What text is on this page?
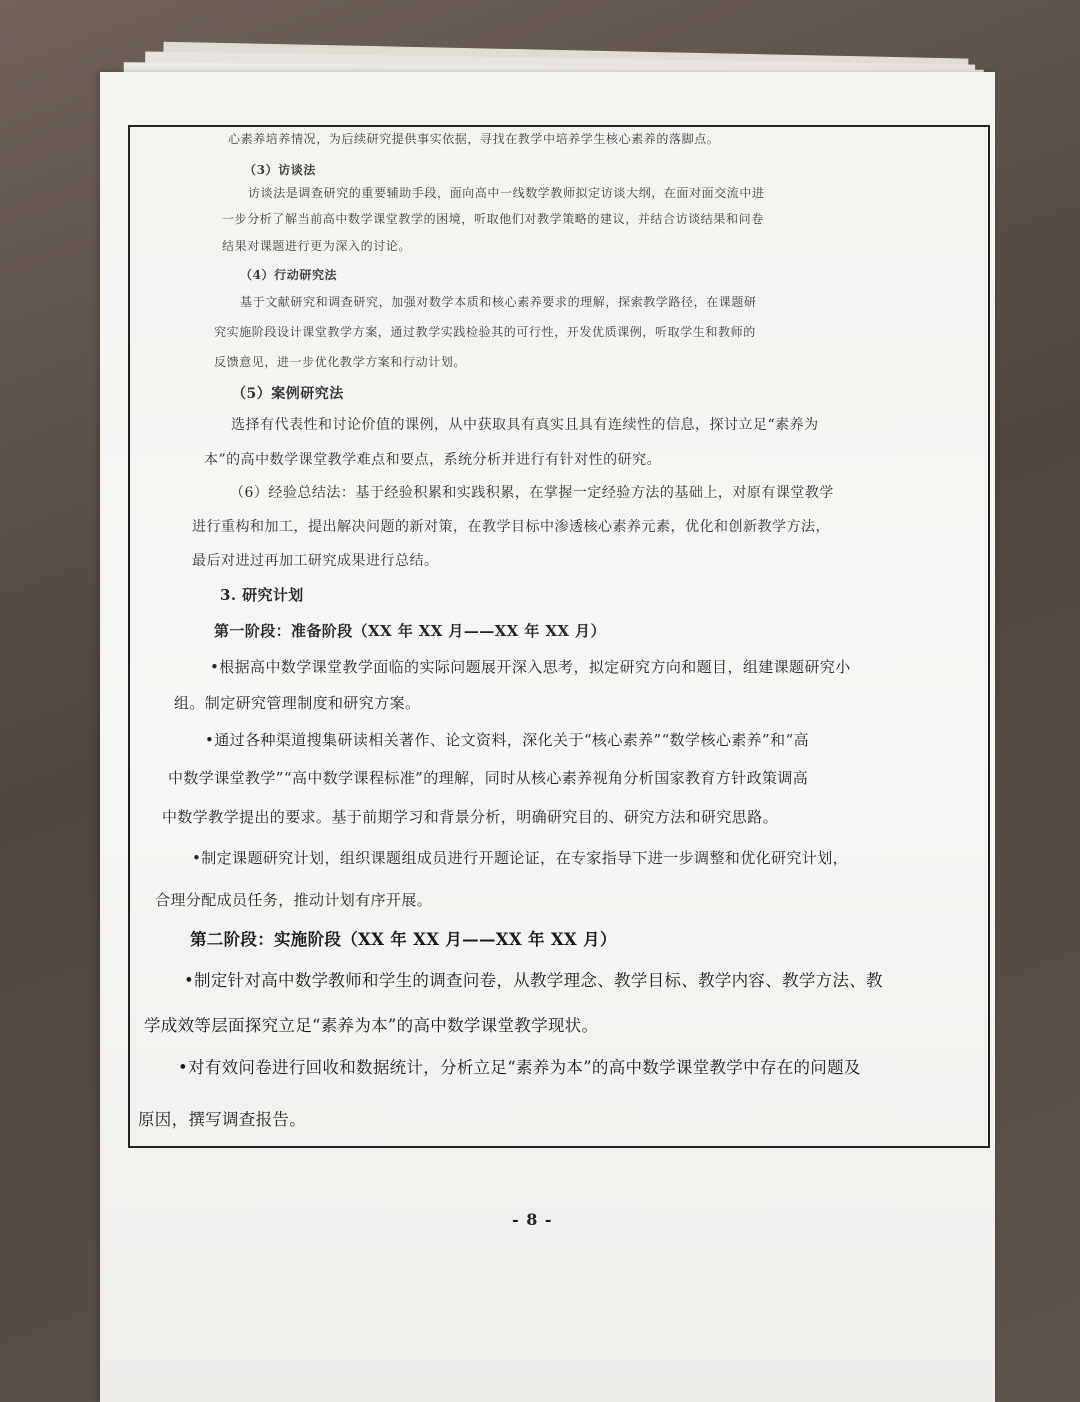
心素养培养情况，为后续研究提供事实依据，寻找在教学中培养学生核心素养的落脚点。
（3）访谈法
访谈法是调查研究的重要辅助手段，面向高中一线数学教师拟定访谈大纲，在面对面交流中进
一步分析了解当前高中数学课堂教学的困境，听取他们对教学策略的建议，并结合访谈结果和问卷
结果对课题进行更为深入的讨论。
（4）行动研究法
基于文献研究和调查研究，加强对数学本质和核心素养要求的理解，探索教学路径，在课题研
究实施阶段设计课堂教学方案，通过教学实践检验其的可行性，开发优质课例，听取学生和教师的
反馈意见，进一步优化教学方案和行动计划。
（5）案例研究法
选择有代表性和讨论价值的课例，从中获取具有真实且具有连续性的信息，探讨立足“素养为
本”的高中数学课堂教学难点和要点，系统分析并进行有针对性的研究。
（6）经验总结法：基于经验积累和实践积累，在掌握一定经验方法的基础上，对原有课堂教学
进行重构和加工，提出解决问题的新对策，在教学目标中渗透核心素养元素，优化和创新教学方法，
最后对进过再加工研究成果进行总结。
3. 研究计划
第一阶段：准备阶段（XX 年 XX 月——XX 年 XX 月）
•根据高中数学课堂教学面临的实际问题展开深入思考，拟定研究方向和题目，组建课题研究小
组。制定研究管理制度和研究方案。
•通过各种渠道搜集研读相关著作、论文资料，深化关于“核心素养”“数学核心素养”和“高
中数学课堂教学”“高中数学课程标准”的理解，同时从核心素养视角分析国家教育方针政策调高
中数学教学提出的要求。基于前期学习和背景分析，明确研究目的、研究方法和研究思路。
•制定课题研究计划，组织课题组成员进行开题论证，在专家指导下进一步调整和优化研究计划，
合理分配成员任务，推动计划有序开展。
第二阶段：实施阶段（XX 年 XX 月——XX 年 XX 月）
•制定针对高中数学教师和学生的调查问卷，从教学理念、教学目标、教学内容、教学方法、教
学成效等层面探究立足“素养为本”的高中数学课堂教学现状。
•对有效问卷进行回收和数据统计，分析立足“素养为本”的高中数学课堂教学中存在的问题及
原因，撰写调查报告。
- 8 -
